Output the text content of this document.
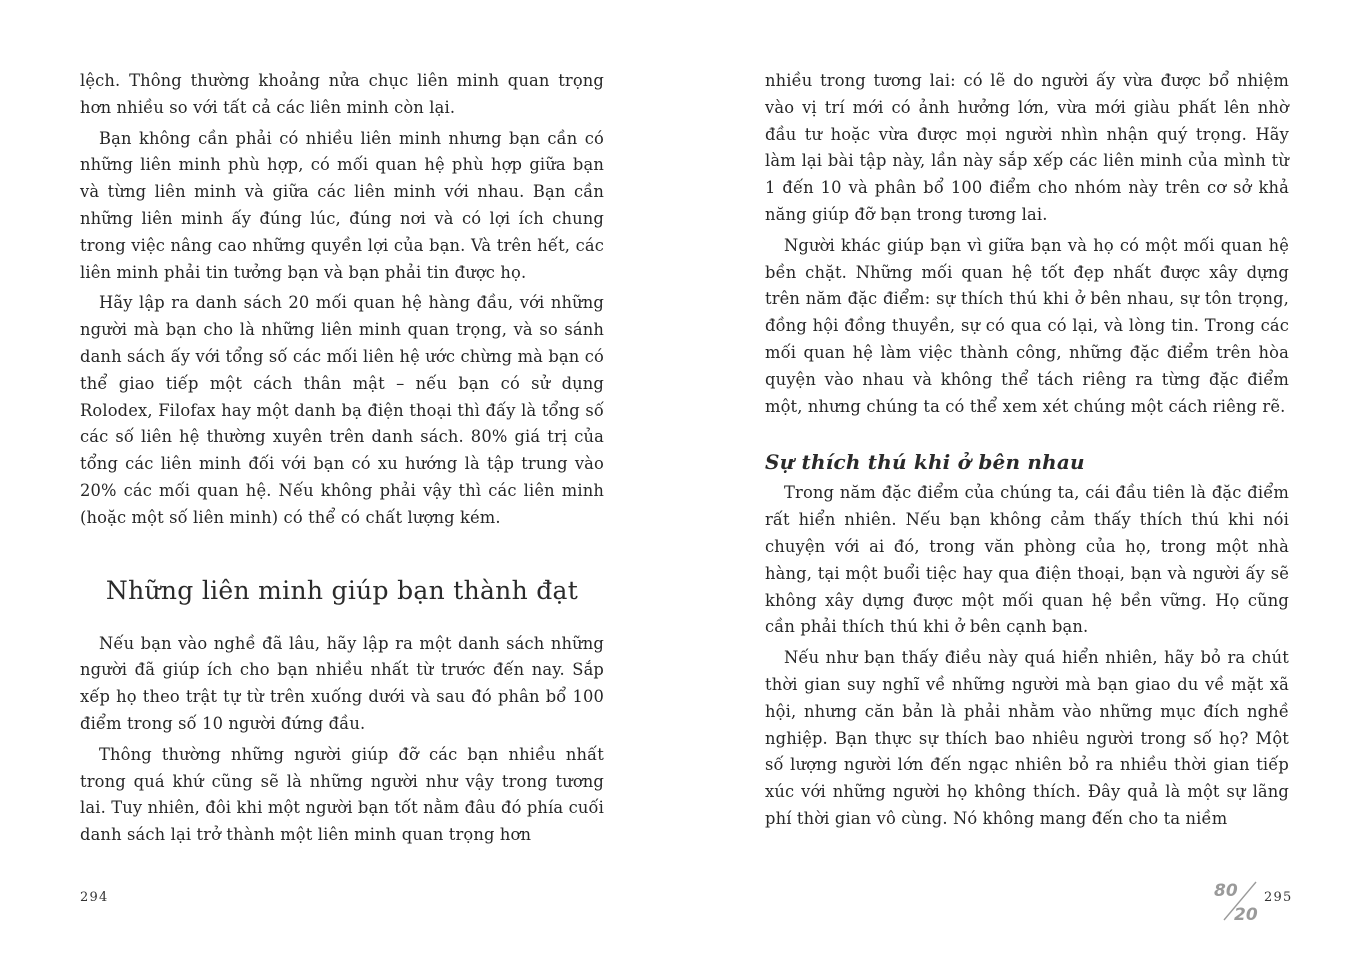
lệch. Thông thường khoảng nửa chục liên minh quan trọng hơn nhiều so với tất cả các liên minh còn lại.

Bạn không cần phải có nhiều liên minh nhưng bạn cần có những liên minh phù hợp, có mối quan hệ phù hợp giữa bạn và từng liên minh và giữa các liên minh với nhau. Bạn cần những liên minh ấy đúng lúc, đúng nơi và có lợi ích chung trong việc nâng cao những quyền lợi của bạn. Và trên hết, các liên minh phải tin tưởng bạn và bạn phải tin được họ.

Hãy lập ra danh sách 20 mối quan hệ hàng đầu, với những người mà bạn cho là những liên minh quan trọng, và so sánh danh sách ấy với tổng số các mối liên hệ ước chừng mà bạn có thể giao tiếp một cách thân mật – nếu bạn có sử dụng Rolodex, Filofax hay một danh bạ điện thoại thì đấy là tổng số các số liên hệ thường xuyên trên danh sách. 80% giá trị của tổng các liên minh đối với bạn có xu hướng là tập trung vào 20% các mối quan hệ. Nếu không phải vậy thì các liên minh (hoặc một số liên minh) có thể có chất lượng kém.

Những liên minh giúp bạn thành đạt

Nếu bạn vào nghề đã lâu, hãy lập ra một danh sách những người đã giúp ích cho bạn nhiều nhất từ trước đến nay. Sắp xếp họ theo trật tự từ trên xuống dưới và sau đó phân bổ 100 điểm trong số 10 người đứng đầu.

Thông thường những người giúp đỡ các bạn nhiều nhất trong quá khứ cũng sẽ là những người như vậy trong tương lai. Tuy nhiên, đôi khi một người bạn tốt nằm đâu đó phía cuối danh sách lại trở thành một liên minh quan trọng hơn

294

nhiều trong tương lai: có lẽ do người ấy vừa được bổ nhiệm vào vị trí mới có ảnh hưởng lớn, vừa mới giàu phất lên nhờ đầu tư hoặc vừa được mọi người nhìn nhận quý trọng. Hãy làm lại bài tập này, lần này sắp xếp các liên minh của mình từ 1 đến 10 và phân bổ 100 điểm cho nhóm này trên cơ sở khả năng giúp đỡ bạn trong tương lai.

Người khác giúp bạn vì giữa bạn và họ có một mối quan hệ bền chặt. Những mối quan hệ tốt đẹp nhất được xây dựng trên năm đặc điểm: sự thích thú khi ở bên nhau, sự tôn trọng, đồng hội đồng thuyền, sự có qua có lại, và lòng tin. Trong các mối quan hệ làm việc thành công, những đặc điểm trên hòa quyện vào nhau và không thể tách riêng ra từng đặc điểm một, nhưng chúng ta có thể xem xét chúng một cách riêng rẽ.

Sự thích thú khi ở bên nhau

Trong năm đặc điểm của chúng ta, cái đầu tiên là đặc điểm rất hiển nhiên. Nếu bạn không cảm thấy thích thú khi nói chuyện với ai đó, trong văn phòng của họ, trong một nhà hàng, tại một buổi tiệc hay qua điện thoại, bạn và người ấy sẽ không xây dựng được một mối quan hệ bền vững. Họ cũng cần phải thích thú khi ở bên cạnh bạn.

Nếu như bạn thấy điều này quá hiển nhiên, hãy bỏ ra chút thời gian suy nghĩ về những người mà bạn giao du về mặt xã hội, nhưng căn bản là phải nhằm vào những mục đích nghề nghiệp. Bạn thực sự thích bao nhiêu người trong số họ? Một số lượng người lớn đến ngạc nhiên bỏ ra nhiều thời gian tiếp xúc với những người họ không thích. Đây quả là một sự lãng phí thời gian vô cùng. Nó không mang đến cho ta niềm

80
20
295
